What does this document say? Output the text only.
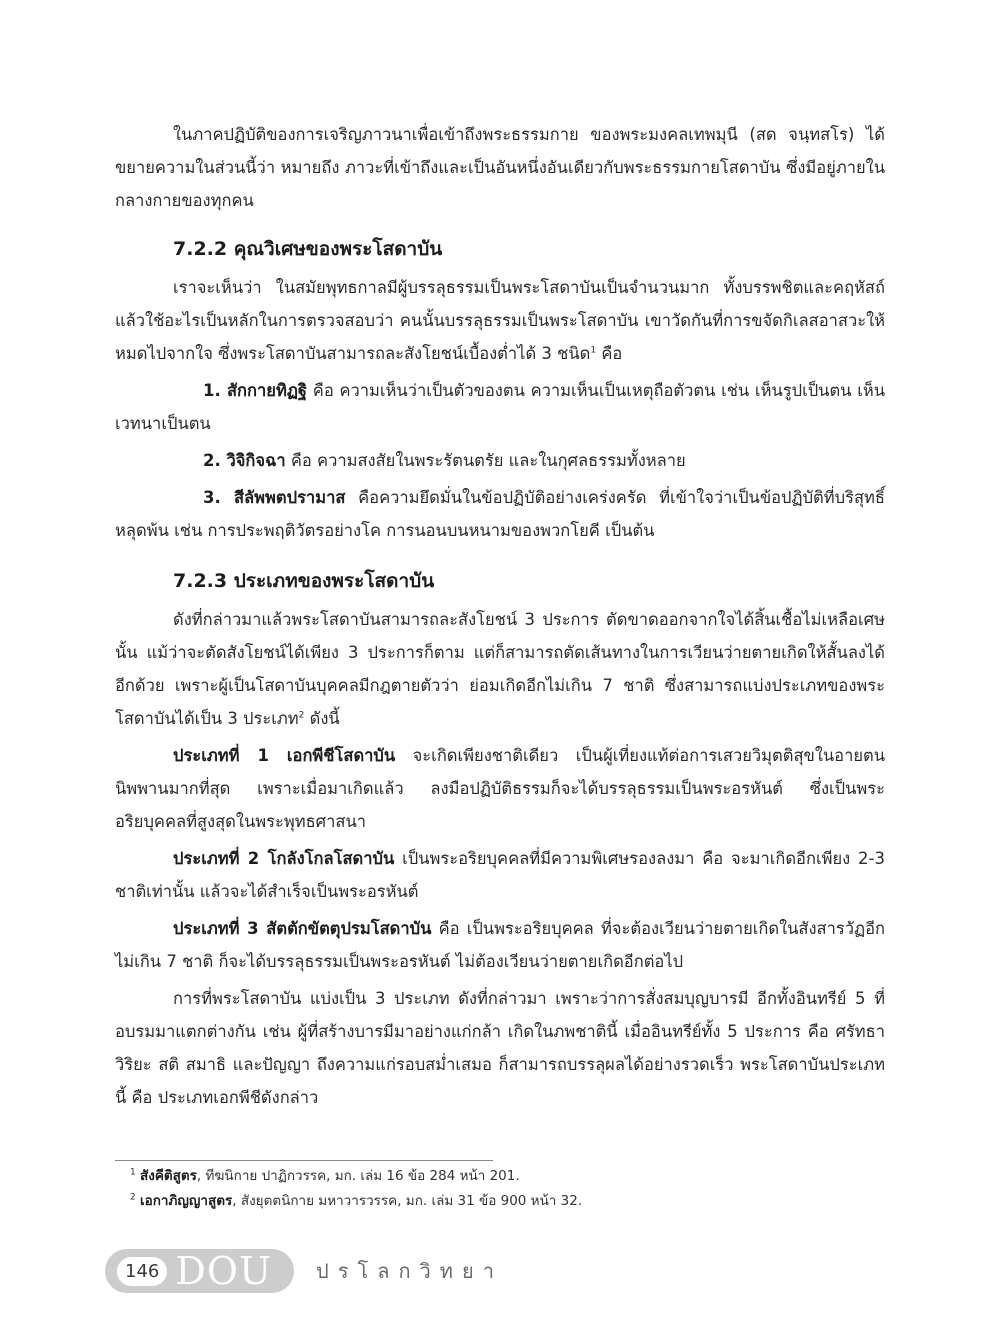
ในภาคปฏิบัติของการเจริญภาวนาเพื่อเข้าถึงพระธรรมกาย ของพระมงคลเทพมุนี (สด จนฺทสโร) ได้ขยายความในส่วนนี้ว่า หมายถึง ภาวะที่เข้าถึงและเป็นอันหนึ่งอันเดียวกับพระธรรมกายโสดาบัน ซึ่งมีอยู่ภายในกลางกายของทุกคน

7.2.2 คุณวิเศษของพระโสดาบัน

เราจะเห็นว่า ในสมัยพุทธกาลมีผู้บรรลุธรรมเป็นพระโสดาบันเป็นจำนวนมาก ทั้งบรรพชิตและคฤหัสถ์ แล้วใช้อะไรเป็นหลักในการตรวจสอบว่า คนนั้นบรรลุธรรมเป็นพระโสดาบัน เขาวัดกันที่การขจัดกิเลสอาสวะให้หมดไปจากใจ ซึ่งพระโสดาบันสามารถละสังโยชน์เบื้องต่ำได้ 3 ชนิด$^1$ คือ

1. สักกายทิฏฐิ คือ ความเห็นว่าเป็นตัวของตน ความเห็นเป็นเหตุถือตัวตน เช่น เห็นรูปเป็นตน เห็นเวทนาเป็นตน

2. วิจิกิจฉา คือ ความสงสัยในพระรัตนตรัย และในกุศลธรรมทั้งหลาย

3. สีลัพพตปรามาส คือความยึดมั่นในข้อปฏิบัติอย่างเคร่งครัด ที่เข้าใจว่าเป็นข้อปฏิบัติที่บริสุทธิ์หลุดพ้น เช่น การประพฤติวัตรอย่างโค การนอนบนหนามของพวกโยคี เป็นต้น

7.2.3 ประเภทของพระโสดาบัน

ดังที่กล่าวมาแล้วพระโสดาบันสามารถละสังโยชน์ 3 ประการ ตัดขาดออกจากใจได้สิ้นเชื้อไม่เหลือเศษนั้น แม้ว่าจะตัดสังโยชน์ได้เพียง 3 ประการก็ตาม แต่ก็สามารถตัดเส้นทางในการเวียนว่ายตายเกิดให้สั้นลงได้อีกด้วย เพราะผู้เป็นโสดาบันบุคคลมีกฎตายตัวว่า ย่อมเกิดอีกไม่เกิน 7 ชาติ ซึ่งสามารถแบ่งประเภทของพระโสดาบันได้เป็น 3 ประเภท$^2$ ดังนี้

ประเภทที่ 1 เอกพีชีโสดาบัน จะเกิดเพียงชาติเดียว เป็นผู้เที่ยงแท้ต่อการเสวยวิมุตติสุขในอายตนนิพพานมากที่สุด เพราะเมื่อมาเกิดแล้ว ลงมือปฏิบัติธรรมก็จะได้บรรลุธรรมเป็นพระอรหันต์ ซึ่งเป็นพระอริยบุคคลที่สูงสุดในพระพุทธศาสนา

ประเภทที่ 2 โกลังโกลโสดาบัน เป็นพระอริยบุคคลที่มีความพิเศษรองลงมา คือ จะมาเกิดอีกเพียง 2-3 ชาติเท่านั้น แล้วจะได้สำเร็จเป็นพระอรหันต์

ประเภทที่ 3 สัตตักขัตตุปรมโสดาบัน คือ เป็นพระอริยบุคคล ที่จะต้องเวียนว่ายตายเกิดในสังสารวัฏอีกไม่เกิน 7 ชาติ ก็จะได้บรรลุธรรมเป็นพระอรหันต์ ไม่ต้องเวียนว่ายตายเกิดอีกต่อไป

การที่พระโสดาบัน แบ่งเป็น 3 ประเภท ดังที่กล่าวมา เพราะว่าการสั่งสมบุญบารมี อีกทั้งอินทรีย์ 5 ที่อบรมมาแตกต่างกัน เช่น ผู้ที่สร้างบารมีมาอย่างแก่กล้า เกิดในภพชาตินี้ เมื่ออินทรีย์ทั้ง 5 ประการ คือ ศรัทธา วิริยะ สติ สมาธิ และปัญญา ถึงความแก่รอบสม่ำเสมอ ก็สามารถบรรลุผลได้อย่างรวดเร็ว พระโสดาบันประเภทนี้ คือ ประเภทเอกพีชีดังกล่าว

$^1$ สังคีติสูตร, ทีฆนิกาย ปาฏิกวรรค, มก. เล่ม 16 ข้อ 284 หน้า 201.
$^2$ เอกาภิญญาสูตร, สังยุตตนิกาย มหาวารวรรค, มก. เล่ม 31 ข้อ 900 หน้า 32.
146 DOU ปรโลกวิทยา
